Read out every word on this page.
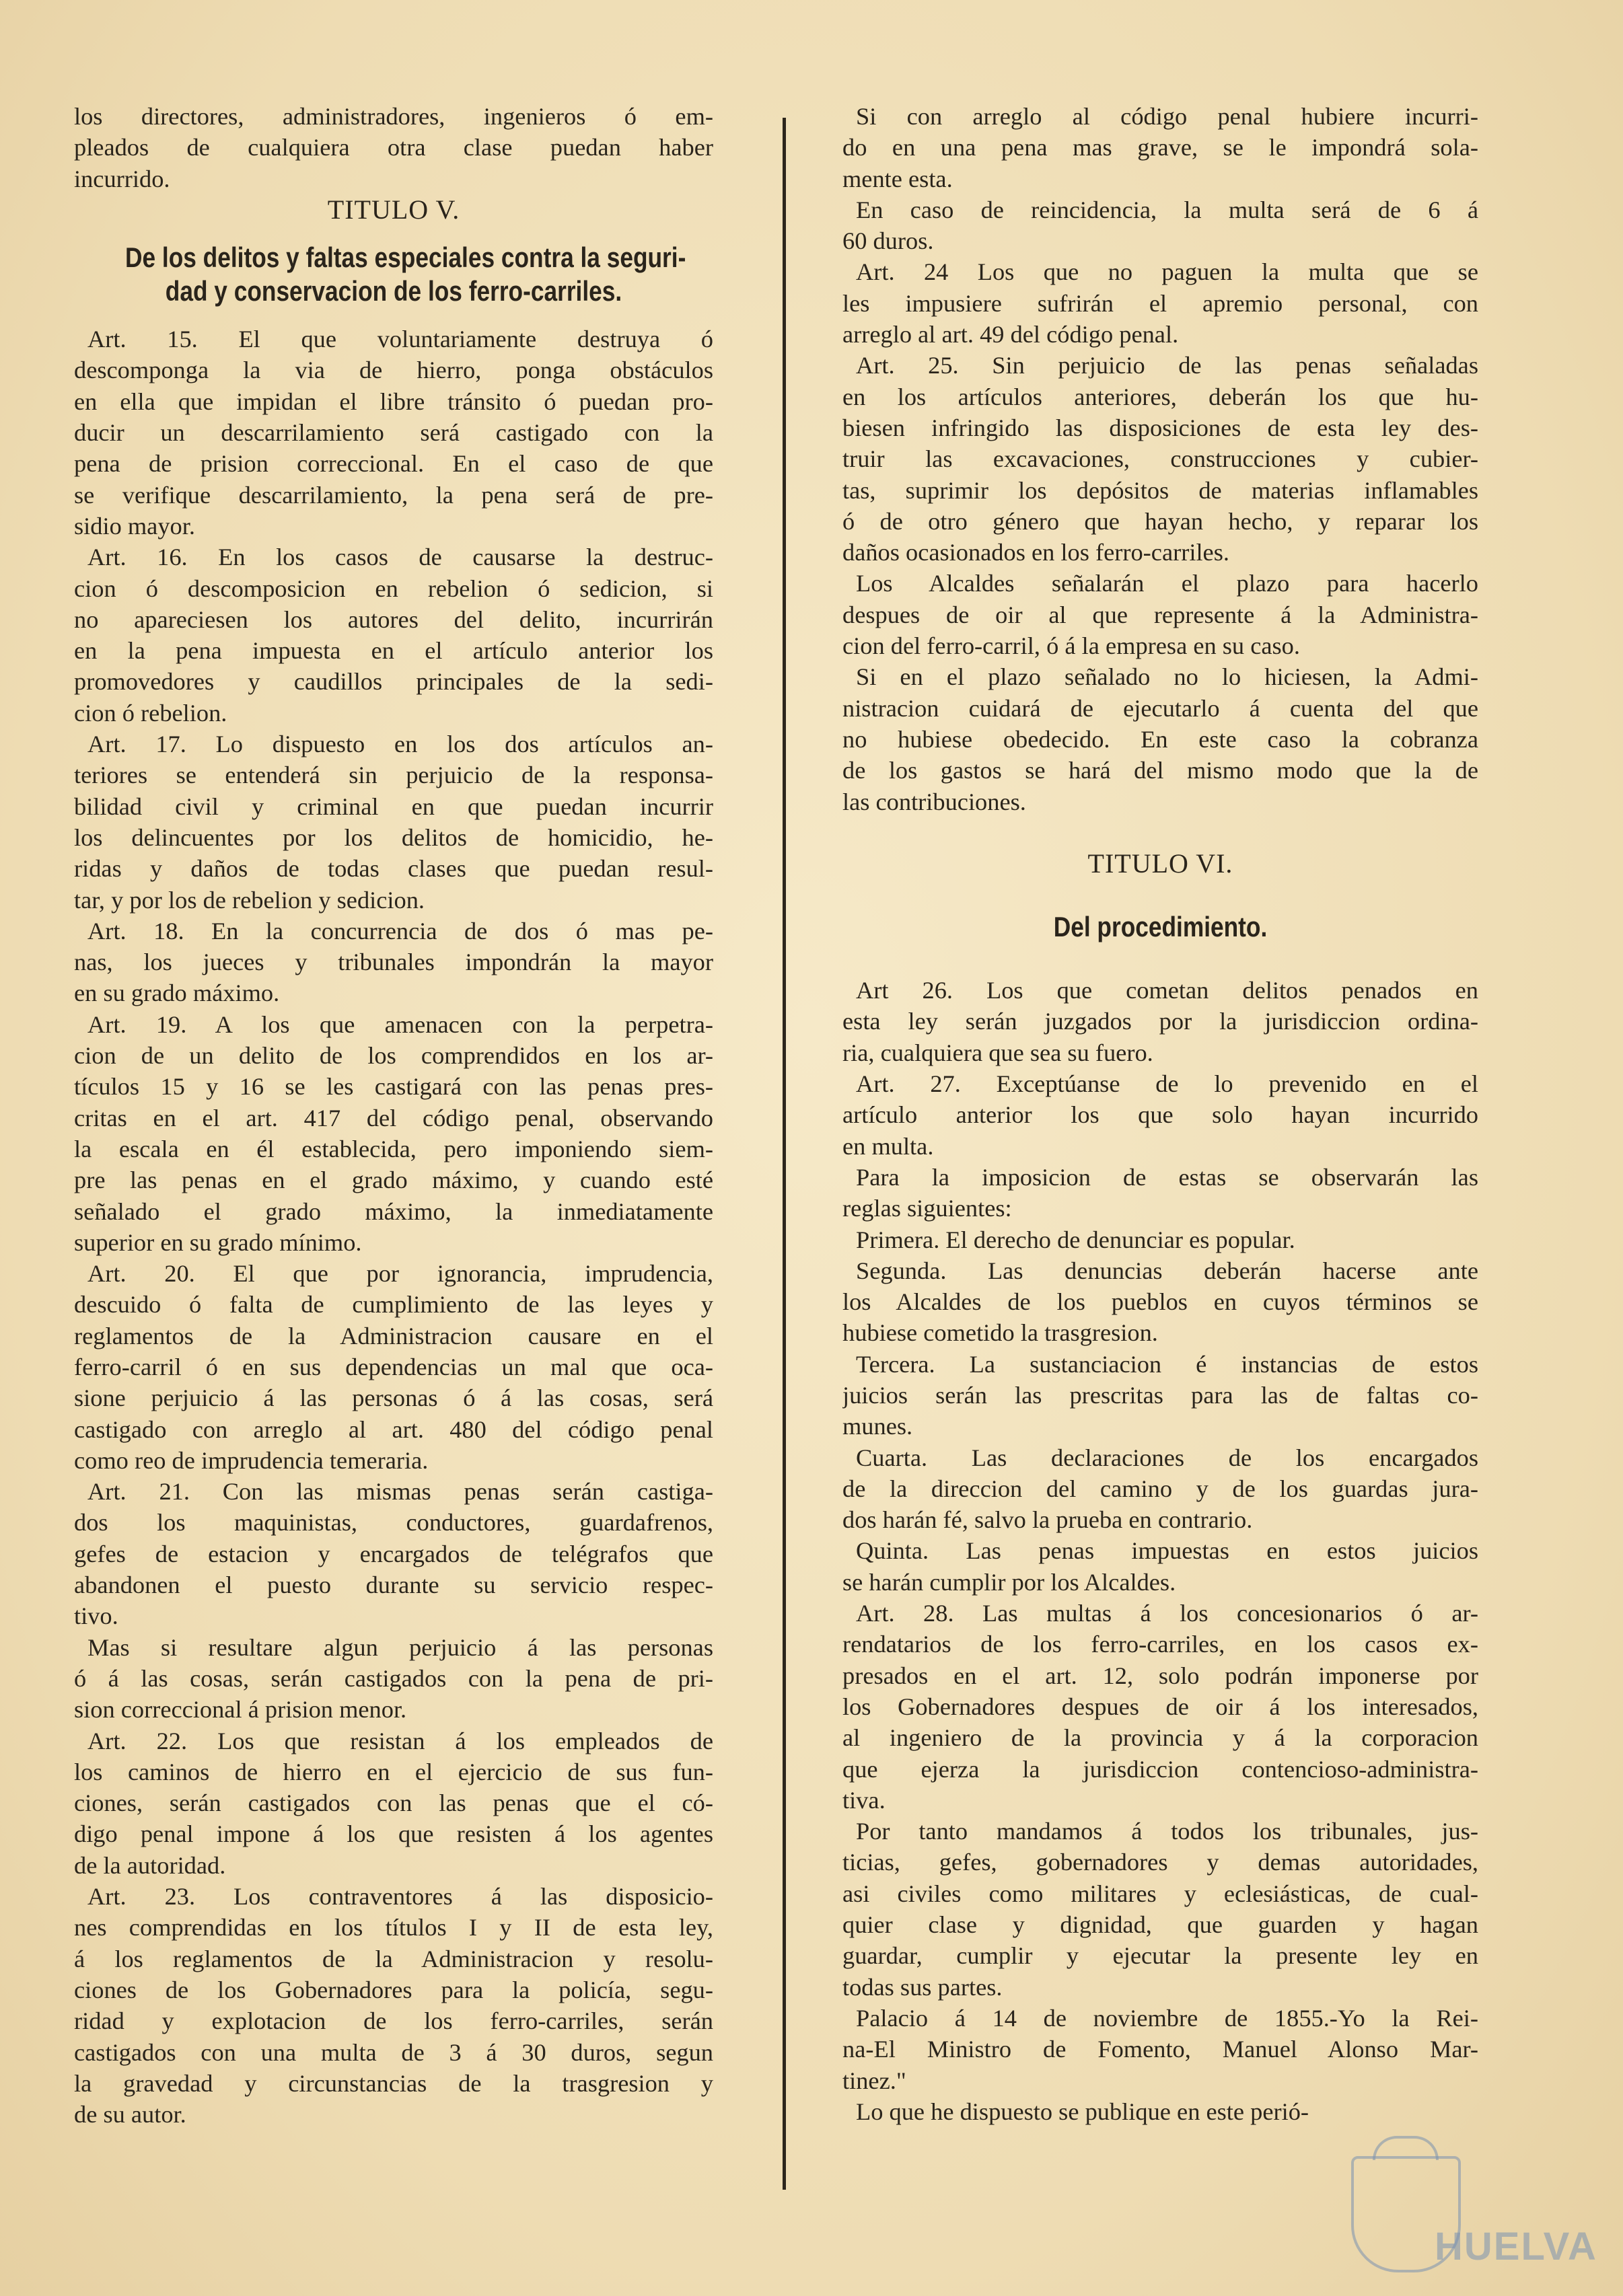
los directores, administradores, ingenieros ó em-
pleados de cualquiera otra clase puedan haber
incurrido.
TITULO V.
De los delitos y faltas especiales contra la seguri-
dad y conservacion de los ferro-carriles.
Art. 15. El que voluntariamente destruya ó
descomponga la via de hierro, ponga obstáculos
en ella que impidan el libre tránsito ó puedan pro-
ducir un descarrilamiento será castigado con la
pena de prision correccional. En el caso de que
se verifique descarrilamiento, la pena será de pre-
sidio mayor.
Art. 16. En los casos de causarse la destruc-
cion ó descomposicion en rebelion ó sedicion, si
no apareciesen los autores del delito, incurrirán
en la pena impuesta en el artículo anterior los
promovedores y caudillos principales de la sedi-
cion ó rebelion.
Art. 17. Lo dispuesto en los dos artículos an-
teriores se entenderá sin perjuicio de la responsa-
bilidad civil y criminal en que puedan incurrir
los delincuentes por los delitos de homicidio, he-
ridas y daños de todas clases que puedan resul-
tar, y por los de rebelion y sedicion.
Art. 18. En la concurrencia de dos ó mas pe-
nas, los jueces y tribunales impondrán la mayor
en su grado máximo.
Art. 19. A los que amenacen con la perpetra-
cion de un delito de los comprendidos en los ar-
tículos 15 y 16 se les castigará con las penas pres-
critas en el art. 417 del código penal, observando
la escala en él establecida, pero imponiendo siem-
pre las penas en el grado máximo, y cuando esté
señalado el grado máximo, la inmediatamente
superior en su grado mínimo.
Art. 20. El que por ignorancia, imprudencia,
descuido ó falta de cumplimiento de las leyes y
reglamentos de la Administracion causare en el
ferro-carril ó en sus dependencias un mal que oca-
sione perjuicio á las personas ó á las cosas, será
castigado con arreglo al art. 480 del código penal
como reo de imprudencia temeraria.
Art. 21. Con las mismas penas serán castiga-
dos los maquinistas, conductores, guardafrenos,
gefes de estacion y encargados de telégrafos que
abandonen el puesto durante su servicio respec-
tivo.
Mas si resultare algun perjuicio á las personas
ó á las cosas, serán castigados con la pena de pri-
sion correccional á prision menor.
Art. 22. Los que resistan á los empleados de
los caminos de hierro en el ejercicio de sus fun-
ciones, serán castigados con las penas que el có-
digo penal impone á los que resisten á los agentes
de la autoridad.
Art. 23. Los contraventores á las disposicio-
nes comprendidas en los títulos I y II de esta ley,
á los reglamentos de la Administracion y resolu-
ciones de los Gobernadores para la policía, segu-
ridad y explotacion de los ferro-carriles, serán
castigados con una multa de 3 á 30 duros, segun
la gravedad y circunstancias de la trasgresion y
de su autor.
Si con arreglo al código penal hubiere incurri-
do en una pena mas grave, se le impondrá sola-
mente esta.
En caso de reincidencia, la multa será de 6 á
60 duros.
Art. 24 Los que no paguen la multa que se
les impusiere sufrirán el apremio personal, con
arreglo al art. 49 del código penal.
Art. 25. Sin perjuicio de las penas señaladas
en los artículos anteriores, deberán los que hu-
biesen infringido las disposiciones de esta ley des-
truir las excavaciones, construcciones y cubier-
tas, suprimir los depósitos de materias inflamables
ó de otro género que hayan hecho, y reparar los
daños ocasionados en los ferro-carriles.
Los Alcaldes señalarán el plazo para hacerlo
despues de oir al que represente á la Administra-
cion del ferro-carril, ó á la empresa en su caso.
Si en el plazo señalado no lo hiciesen, la Admi-
nistracion cuidará de ejecutarlo á cuenta del que
no hubiese obedecido. En este caso la cobranza
de los gastos se hará del mismo modo que la de
las contribuciones.
TITULO VI.
Del procedimiento.
Art 26. Los que cometan delitos penados en
esta ley serán juzgados por la jurisdiccion ordina-
ria, cualquiera que sea su fuero.
Art. 27. Exceptúanse de lo prevenido en el
artículo anterior los que solo hayan incurrido
en multa.
Para la imposicion de estas se observarán las
reglas siguientes:
Primera. El derecho de denunciar es popular.
Segunda. Las denuncias deberán hacerse ante
los Alcaldes de los pueblos en cuyos términos se
hubiese cometido la trasgresion.
Tercera. La sustanciacion é instancias de estos
juicios serán las prescritas para las de faltas co-
munes.
Cuarta. Las declaraciones de los encargados
de la direccion del camino y de los guardas jura-
dos harán fé, salvo la prueba en contrario.
Quinta. Las penas impuestas en estos juicios
se harán cumplir por los Alcaldes.
Art. 28. Las multas á los concesionarios ó ar-
rendatarios de los ferro-carriles, en los casos ex-
presados en el art. 12, solo podrán imponerse por
los Gobernadores despues de oir á los interesados,
al ingeniero de la provincia y á la corporacion
que ejerza la jurisdiccion contencioso-administra-
tiva.
Por tanto mandamos á todos los tribunales, jus-
ticias, gefes, gobernadores y demas autoridades,
asi civiles como militares y eclesiásticas, de cual-
quier clase y dignidad, que guarden y hagan
guardar, cumplir y ejecutar la presente ley en
todas sus partes.
Palacio á 14 de noviembre de 1855.-Yo la Rei-
na-El Ministro de Fomento, Manuel Alonso Mar-
tinez."
Lo que he dispuesto se publique en este perió-
HUELVA
